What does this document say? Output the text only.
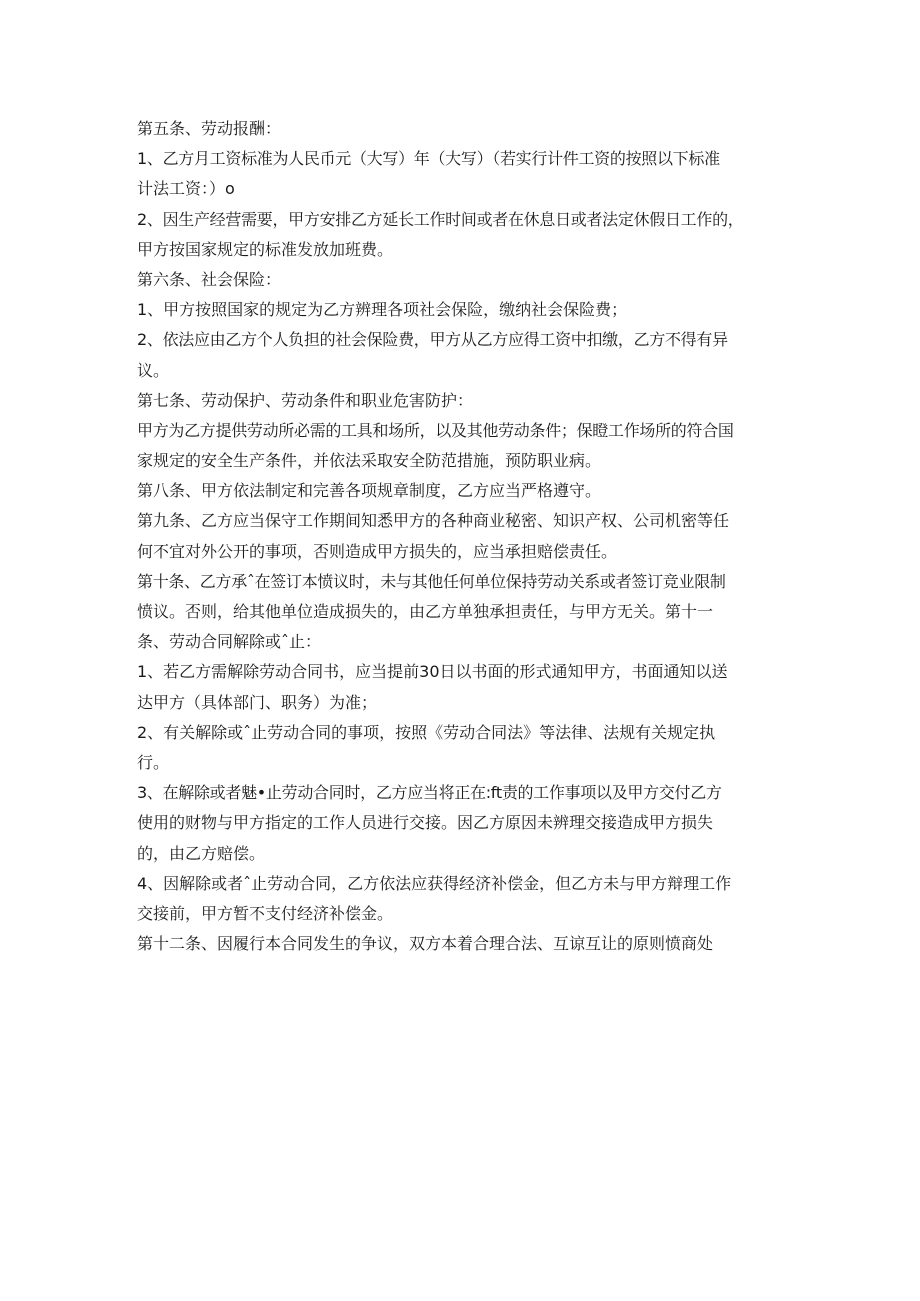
第五条、劳动报酬：
1、乙方月工资标准为人民币元（大写）年（大写）（若实行计件工资的按照以下标准
计法工资：）o
2、因生产经营需要，甲方安排乙方延长工作时间或者在休息日或者法定休假日工作的，
甲方按国家规定的标准发放加班费。
第六条、社会保险：
1、甲方按照国家的规定为乙方辨理各项社会保险，缴纳社会保险费；
2、依法应由乙方个人负担的社会保险费，甲方从乙方应得工资中扣缴，乙方不得有异
议。
第七条、劳动保护、劳动条件和职业危害防护：
甲方为乙方提供劳动所必需的工具和场所，以及其他劳动条件；保瞪工作场所的符合国
家规定的安全生产条件，并依法采取安全防范措施，预防职业病。
第八条、甲方依法制定和完善各项规章制度，乙方应当严格遵守。
第九条、乙方应当保守工作期间知悉甲方的各种商业秘密、知识产权、公司机密等任
何不宜对外公开的事项，否则造成甲方损失的，应当承担赔偿责任。
第十条、乙方承ˆ在签订本愤议时，未与其他任何单位保持劳动关系或者签订竞业限制
愤议。否则，给其他单位造成损失的，由乙方单独承担责任，与甲方无关。第十一
条、劳动合同解除或ˆ止：
1、若乙方需解除劳动合同书，应当提前30日以书面的形式通知甲方，书面通知以送
达甲方（具体部门、职务）为准；
2、有关解除或ˆ止劳动合同的事项，按照《劳动合同法》等法律、法规有关规定执
行。
3、在解除或者魅•止劳动合同时，乙方应当将正在:ft责的工作事项以及甲方交付乙方
使用的财物与甲方指定的工作人员进行交接。因乙方原因未辨理交接造成甲方损失
的，由乙方赔偿。
4、因解除或者ˆ止劳动合同，乙方依法应获得经济补偿金，但乙方未与甲方辩理工作
交接前，甲方暂不支付经济补偿金。
第十二条、因履行本合同发生的争议，双方本着合理合法、互谅互让的原则愤商处
